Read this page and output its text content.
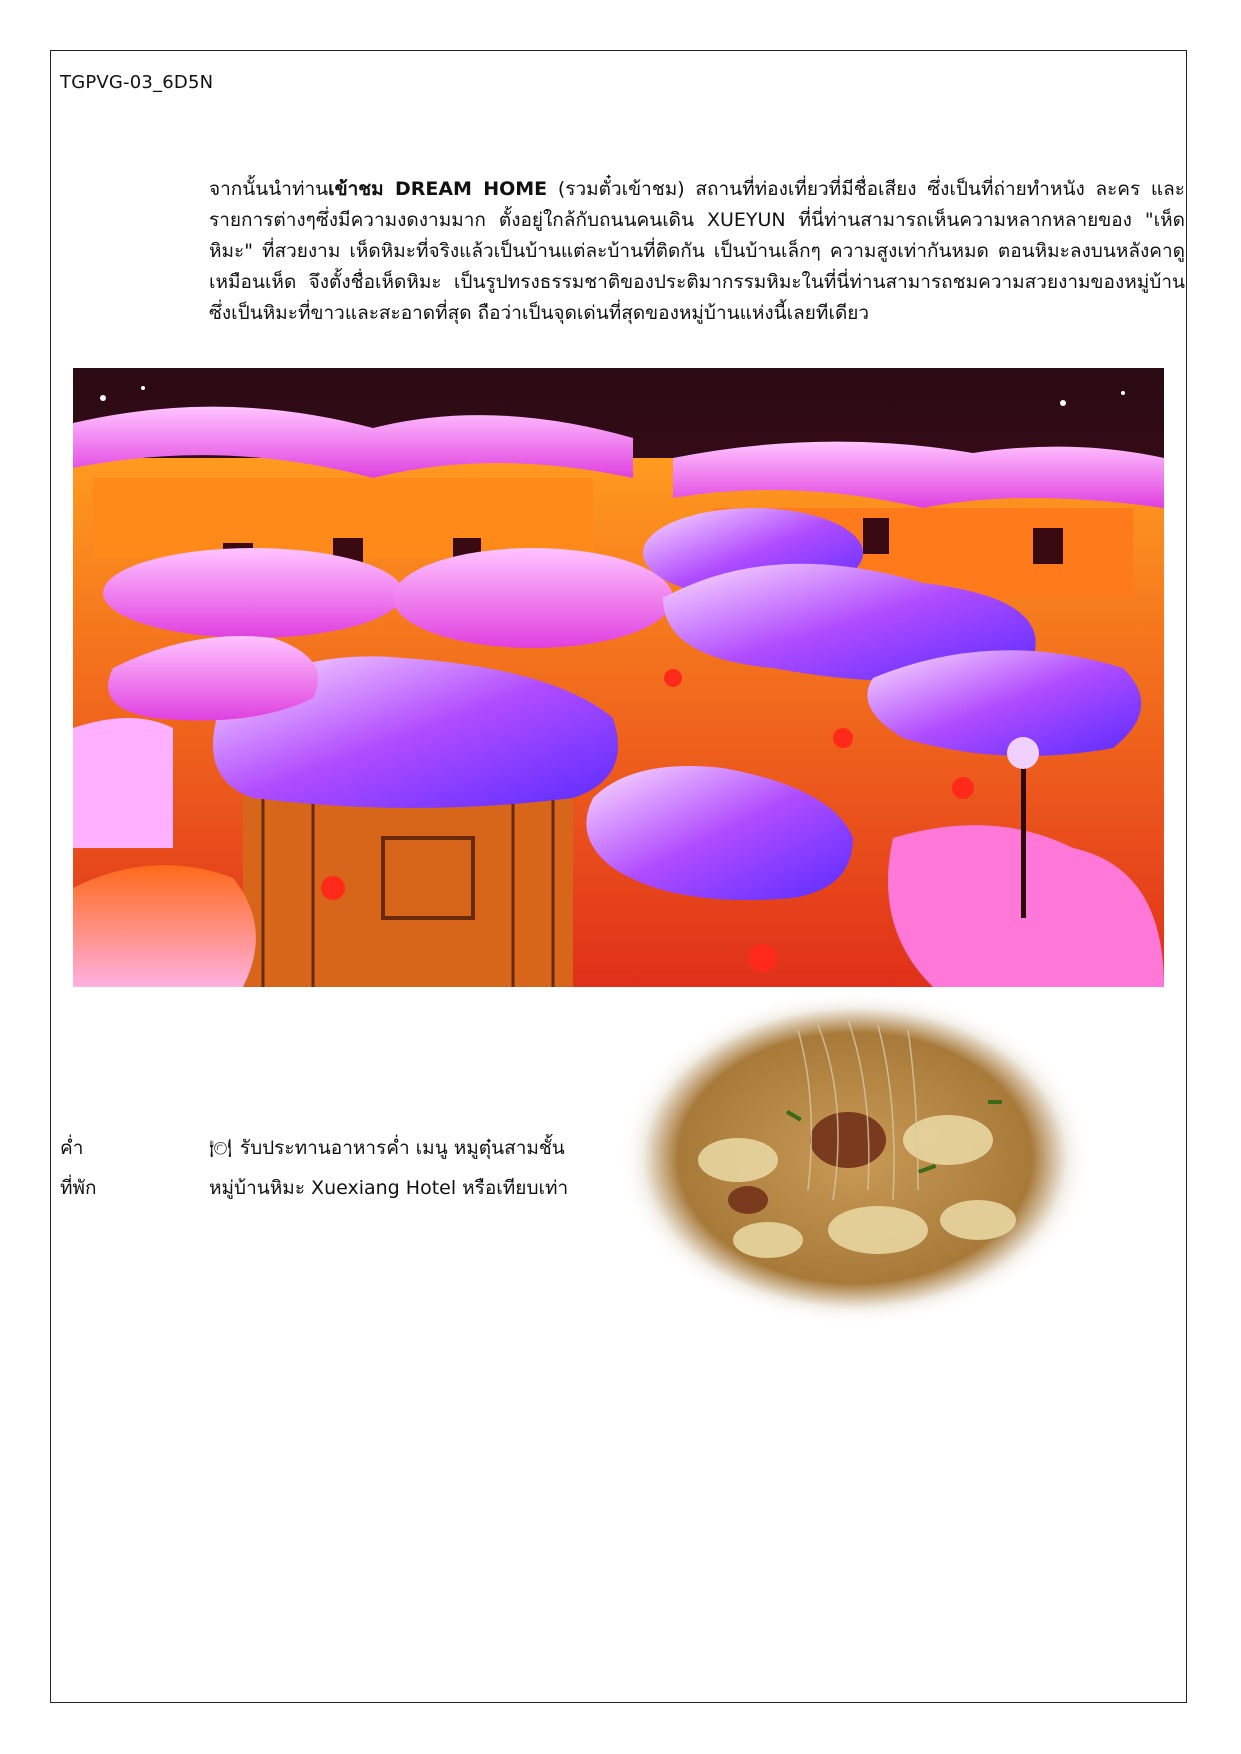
TGPVG-03_6D5N
จากนั้นนำท่านเข้าชม DREAM HOME (รวมตั๋วเข้าชม) สถานที่ท่องเที่ยวที่มีชื่อเสียง ซึ่งเป็นที่ถ่ายทำหนัง ละคร และรายการต่างๆซึ่งมีความงดงามมาก ตั้งอยู่ใกล้กับถนนคนเดิน XUEYUN ที่นี่ท่านสามารถเห็นความหลากหลายของ "เห็ดหิมะ" ที่สวยงาม เห็ดหิมะที่จริงแล้วเป็นบ้านแต่ละบ้านที่ติดกัน เป็นบ้านเล็กๆ ความสูงเท่ากันหมด ตอนหิมะลงบนหลังคาดูเหมือนเห็ด จึงตั้งชื่อเห็ดหิมะ เป็นรูปทรงธรรมชาติของประติมากรรมหิมะในที่นี่ท่านสามารถชมความสวยงามของหมู่บ้าน ซึ่งเป็นหิมะที่ขาวและสะอาดที่สุด ถือว่าเป็นจุดเด่นที่สุดของหมู่บ้านแห่งนี้เลยทีเดียว
ค่ำ	🍽 รับประทานอาหารค่ำ เมนู หมูตุ๋นสามชั้น
ที่พัก	หมู่บ้านหิมะ Xuexiang Hotel หรือเทียบเท่า
